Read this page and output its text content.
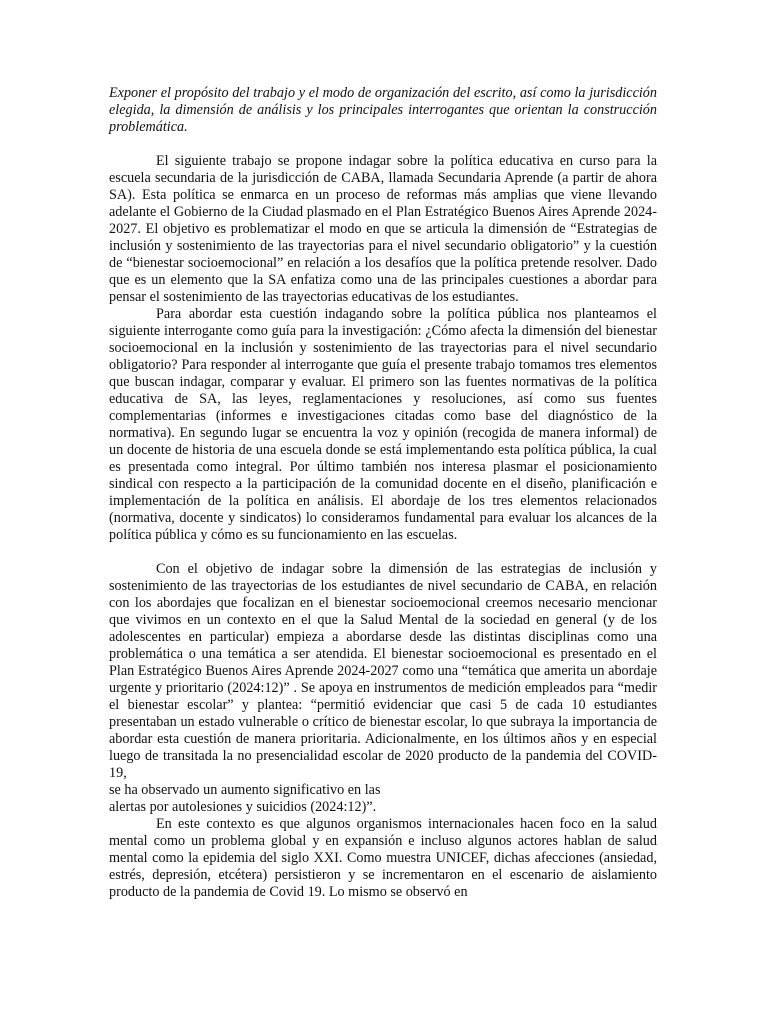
Exponer el propósito del trabajo y el modo de organización del escrito, así como la jurisdicción elegida, la dimensión de análisis y los principales interrogantes que orientan la construcción problemática.

El siguiente trabajo se propone indagar sobre la política educativa en curso para la escuela secundaria de la jurisdicción de CABA, llamada Secundaria Aprende (a partir de ahora SA). Esta política se enmarca en un proceso de reformas más amplias que viene llevando adelante el Gobierno de la Ciudad plasmado en el Plan Estratégico Buenos Aires Aprende 2024-2027. El objetivo es problematizar el modo en que se articula la dimensión de “Estrategias de inclusión y sostenimiento de las trayectorias para el nivel secundario obligatorio” y la cuestión de “bienestar socioemocional” en relación a los desafíos que la política pretende resolver. Dado que es un elemento que la SA enfatiza como una de las principales cuestiones a abordar para pensar el sostenimiento de las trayectorias educativas de los estudiantes.

Para abordar esta cuestión indagando sobre la política pública nos planteamos el siguiente interrogante como guía para la investigación: ¿Cómo afecta la dimensión del bienestar socioemocional en la inclusión y sostenimiento de las trayectorias para el nivel secundario obligatorio? Para responder al interrogante que guía el presente trabajo tomamos tres elementos que buscan indagar, comparar y evaluar. El primero son las fuentes normativas de la política educativa de SA, las leyes, reglamentaciones y resoluciones, así como sus fuentes complementarias (informes e investigaciones citadas como base del diagnóstico de la normativa). En segundo lugar se encuentra la voz y opinión (recogida de manera informal) de un docente de historia de una escuela donde se está implementando esta política pública, la cual es presentada como integral. Por último también nos interesa plasmar el posicionamiento sindical con respecto a la participación de la comunidad docente en el diseño, planificación e implementación de la política en análisis. El abordaje de los tres elementos relacionados (normativa, docente y sindicatos) lo consideramos fundamental para evaluar los alcances de la política pública y cómo es su funcionamiento en las escuelas.

Con el objetivo de indagar sobre la dimensión de las estrategias de inclusión y sostenimiento de las trayectorias de los estudiantes de nivel secundario de CABA, en relación con los abordajes que focalizan en el bienestar socioemocional creemos necesario mencionar que vivimos en un contexto en el que la Salud Mental de la sociedad en general (y de los adolescentes en particular) empieza a abordarse desde las distintas disciplinas como una problemática o una temática a ser atendida. El bienestar socioemocional es presentado en el Plan Estratégico Buenos Aires Aprende 2024-2027 como una “temática que amerita un abordaje urgente y prioritario (2024:12)” . Se apoya en instrumentos de medición empleados para “medir el bienestar escolar” y plantea: “permitió evidenciar que casi 5 de cada 10 estudiantes presentaban un estado vulnerable o crítico de bienestar escolar, lo que subraya la importancia de abordar esta cuestión de manera prioritaria. Adicionalmente, en los últimos años y en especial luego de transitada la no presencialidad escolar de 2020 producto de la pandemia del COVID-19,

se ha observado un aumento significativo en las
alertas por autolesiones y suicidios (2024:12)”.

En este contexto es que algunos organismos internacionales hacen foco en la salud mental como un problema global y en expansión e incluso algunos actores hablan de salud mental como la epidemia del siglo XXI. Como muestra UNICEF, dichas afecciones (ansiedad, estrés, depresión, etcétera) persistieron y se incrementaron en el escenario de aislamiento producto de la pandemia de Covid 19. Lo mismo se observó en
